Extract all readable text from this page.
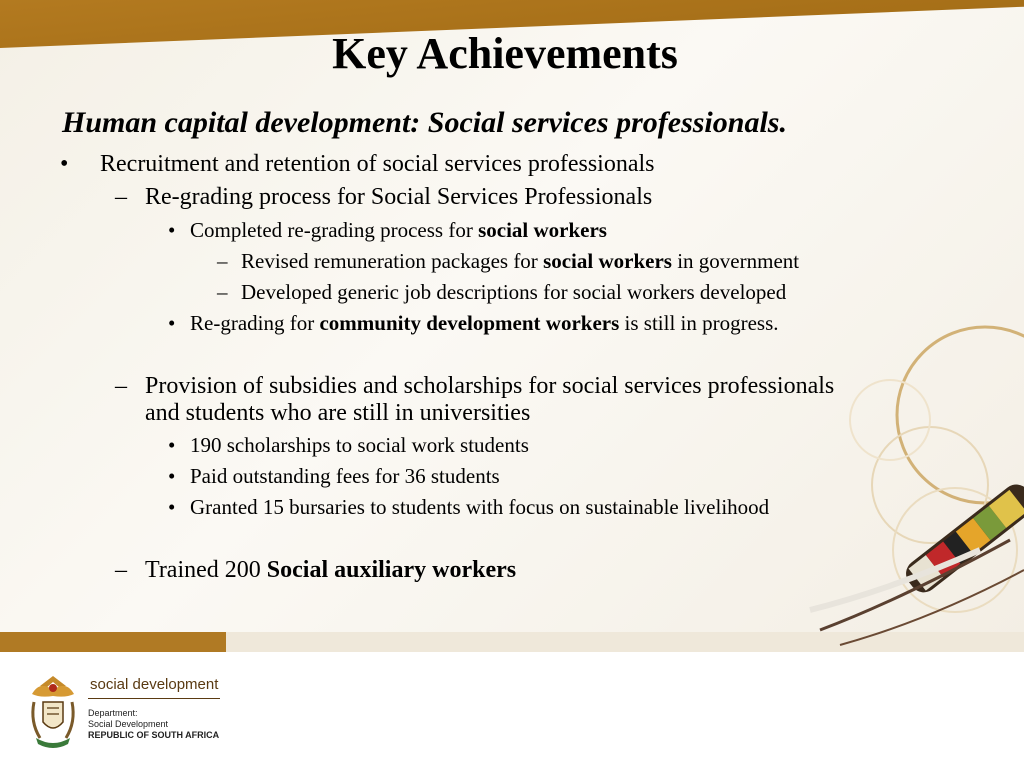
Key Achievements

Human capital development: Social services professionals.

• Recruitment and retention of social services professionals

– Re-grading process for Social Services Professionals

• Completed re-grading process for social workers

– Revised remuneration packages for social workers in government

– Developed generic job descriptions for social workers developed

• Re-grading for community development workers is still in progress.

– Provision of subsidies and scholarships for social services professionals
and students who are still in universities

• 190 scholarships to social work students

• Paid outstanding fees for 36 students

• Granted 15 bursaries to students with focus on sustainable livelihood

– Trained 200 Social auxiliary workers

social development

Department:

Social Development

REPUBLIC OF SOUTH AFRICA
